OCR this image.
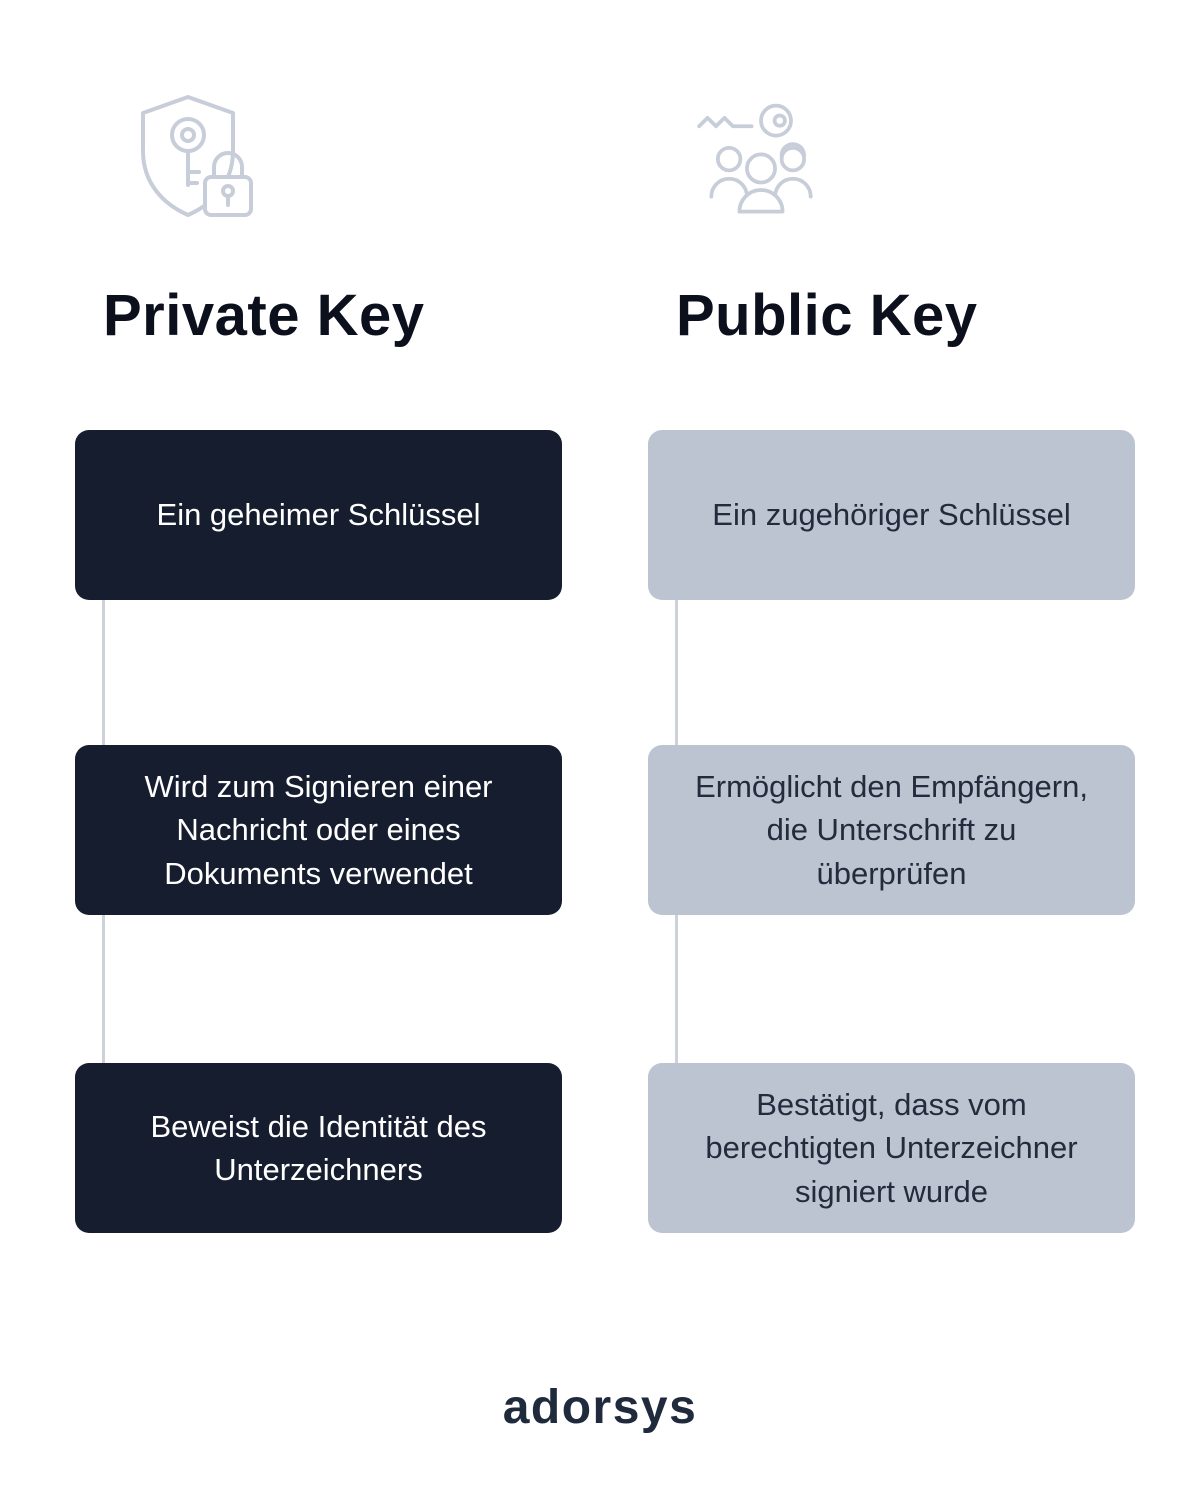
Private Key
Ein geheimer Schlüssel
Wird zum Signieren einer Nachricht oder eines Dokuments verwendet
Beweist die Identität des Unterzeichners
Public Key
Ein zugehöriger Schlüssel
Ermöglicht den Empfängern, die Unterschrift zu überprüfen
Bestätigt, dass vom berechtigten Unterzeichner signiert wurde
adorsys
